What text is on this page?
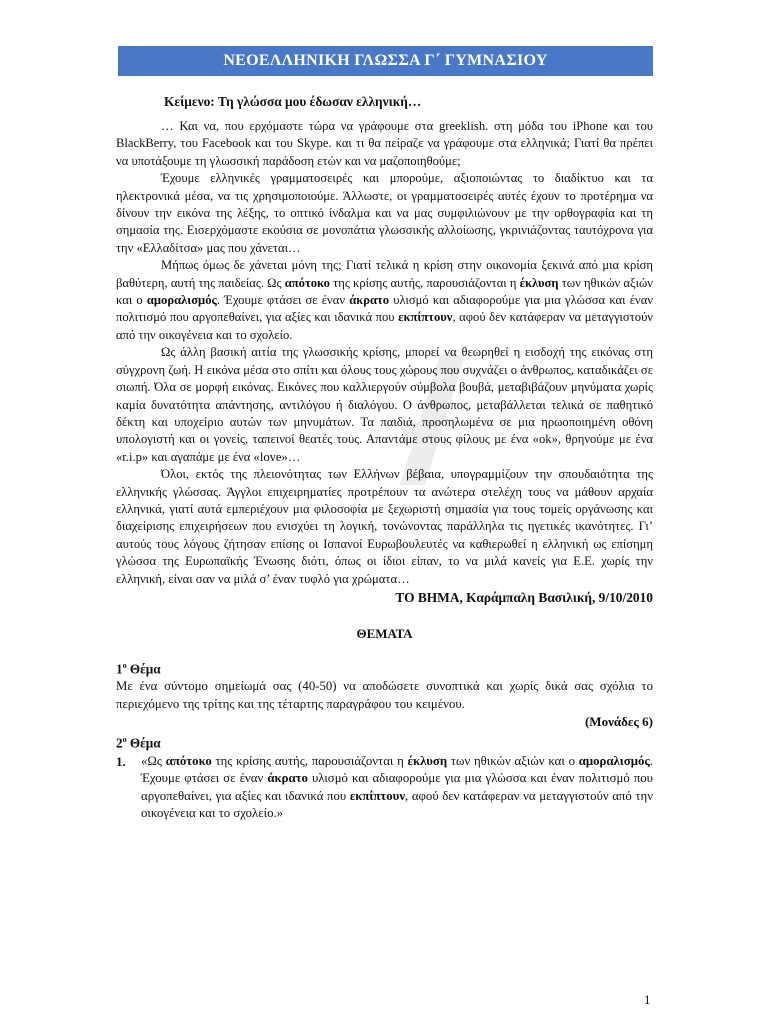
ΝΕΟΕΛΛΗΝΙΚΗ ΓΛΩΣΣΑ Γ΄ ΓΥΜΝΑΣΙΟΥ
Κείμενο: Τη γλώσσα μου έδωσαν ελληνική…

… Και να, που ερχόμαστε τώρα να γράφουμε στα greeklish. στη μόδα του iPhone και του BlackBerry, του Facebook και του Skype. και τι θα πείραζε να γράφουμε στα ελληνικά; Γιατί θα πρέπει να υποτάξουμε τη γλωσσική παράδοση ετών και να μαζοποιηθούμε;

Έχουμε ελληνικές γραμματοσειρές και μπορούμε, αξιοποιώντας το διαδίκτυο και τα ηλεκτρονικά μέσα, να τις χρησιμοποιούμε. Άλλωστε, οι γραμματοσειρές αυτές έχουν το προτέρημα να δίνουν την εικόνα της λέξης, το οπτικό ίνδαλμα και να μας συμφιλιώνουν με την ορθογραφία και τη σημασία της. Εισερχόμαστε εκούσια σε μονοπάτια γλωσσικής αλλοίωσης, γκρινιάζοντας ταυτόχρονα για την «Ελλαδίτσα» μας που χάνεται…

Μήπως όμως δε χάνεται μόνη της; Γιατί τελικά η κρίση στην οικονομία ξεκινά από μια κρίση βαθύτερη, αυτή της παιδείας. Ως απότοκο της κρίσης αυτής, παρουσιάζονται η έκλυση των ηθικών αξιών και ο αμοραλισμός. Έχουμε φτάσει σε έναν άκρατο υλισμό και αδιαφορούμε για μια γλώσσα και έναν πολιτισμό που αργοπεθαίνει, για αξίες και ιδανικά που εκπίπτουν, αφού δεν κατάφεραν να μεταγγιστούν από την οικογένεια και το σχολείο.

Ως άλλη βασική αιτία της γλωσσικής κρίσης, μπορεί να θεωρηθεί η εισδοχή της εικόνας στη σύγχρονη ζωή. Η εικόνα μέσα στο σπίτι και όλους τους χώρους που συχνάζει ο άνθρωπος, καταδικάζει σε σιωπή. Όλα σε μορφή εικόνας. Εικόνες που καλλιεργούν σύμβολα βουβά, μεταβιβάζουν μηνύματα χωρίς καμία δυνατότητα απάντησης, αντιλόγου ή διαλόγου. Ο άνθρωπος, μεταβάλλεται τελικά σε παθητικό δέκτη και υποχείριο αυτών των μηνυμάτων. Τα παιδιά, προσηλωμένα σε μια ηρωοποιημένη οθόνη υπολογιστή και οι γονείς, ταπεινοί θεατές τους. Απαντάμε στους φίλους με ένα «ok», θρηνούμε με ένα «r.i.p» και αγαπάμε με ένα «love»…

Όλοι, εκτός της πλειονότητας των Ελλήνων βέβαια, υπογραμμίζουν την σπουδαιότητα της ελληνικής γλώσσας. Άγγλοι επιχειρηματίες προτρέπουν τα ανώτερα στελέχη τους να μάθουν αρχαία ελληνικά, γιατί αυτά εμπεριέχουν μια φιλοσοφία με ξεχωριστή σημασία για τους τομείς οργάνωσης και διαχείρισης επιχειρήσεων που ενισχύει τη λογική, τονώνοντας παράλληλα τις ηγετικές ικανότητες. Γι’ αυτούς τους λόγους ζήτησαν επίσης οι Ισπανοί Ευρωβουλευτές να καθιερωθεί η ελληνική ως επίσημη γλώσσα της Ευρωπαϊκής Ένωσης διότι, όπως οι ίδιοι είπαν, το να μιλά κανείς για Ε.Ε. χωρίς την ελληνική, είναι σαν να μιλά σ’ έναν τυφλό για χρώματα…

ΤΟ ΒΗΜΑ, Καράμπαλη Βασιλική, 9/10/2010
ΘΕΜΑΤΑ
$1^o$ Θέμα

Με ένα σύντομο σημείωμά σας (40-50) να αποδώσετε συνοπτικά και χωρίς δικά σας σχόλια το περιεχόμενο της τρίτης και της τέταρτης παραγράφου του κειμένου.

(Μονάδες 6)
$2^o$ Θέμα
1.	«Ως απότοκο της κρίσης αυτής, παρουσιάζονται η έκλυση των ηθικών αξιών και ο αμοραλισμός. Έχουμε φτάσει σε έναν άκρατο υλισμό και αδιαφορούμε για μια γλώσσα και έναν πολιτισμό που αργοπεθαίνει, για αξίες και ιδανικά που εκπίπτουν, αφού δεν κατάφεραν να μεταγγιστούν από την οικογένεια και το σχολείο.»

1
